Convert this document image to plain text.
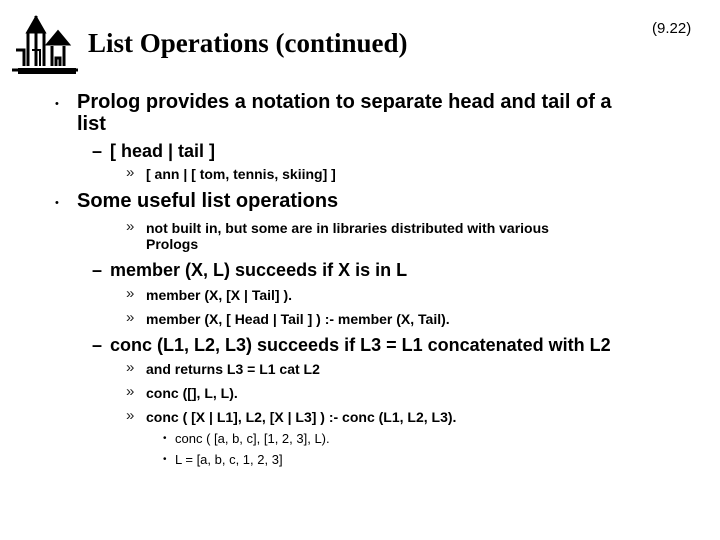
List Operations (continued)	(9.22)
• Prolog provides a notation to separate head and tail of a
list
– [ head | tail ]
» [ ann | [ tom, tennis, skiing] ]
• Some useful list operations
» not built in, but some are in libraries distributed with various
Prologs
– member (X, L) succeeds if X is in L
» member (X, [X | Tail] ).
» member (X, [ Head | Tail ] ) :- member (X, Tail).
– conc (L1, L2, L3) succeeds if L3 = L1 concatenated with L2
» and returns L3 = L1 cat L2
» conc ([], L, L).
» conc ( [X | L1], L2, [X | L3] ) :- conc (L1, L2, L3).
• conc ( [a, b, c], [1, 2, 3], L).
• L = [a, b, c, 1, 2, 3]
